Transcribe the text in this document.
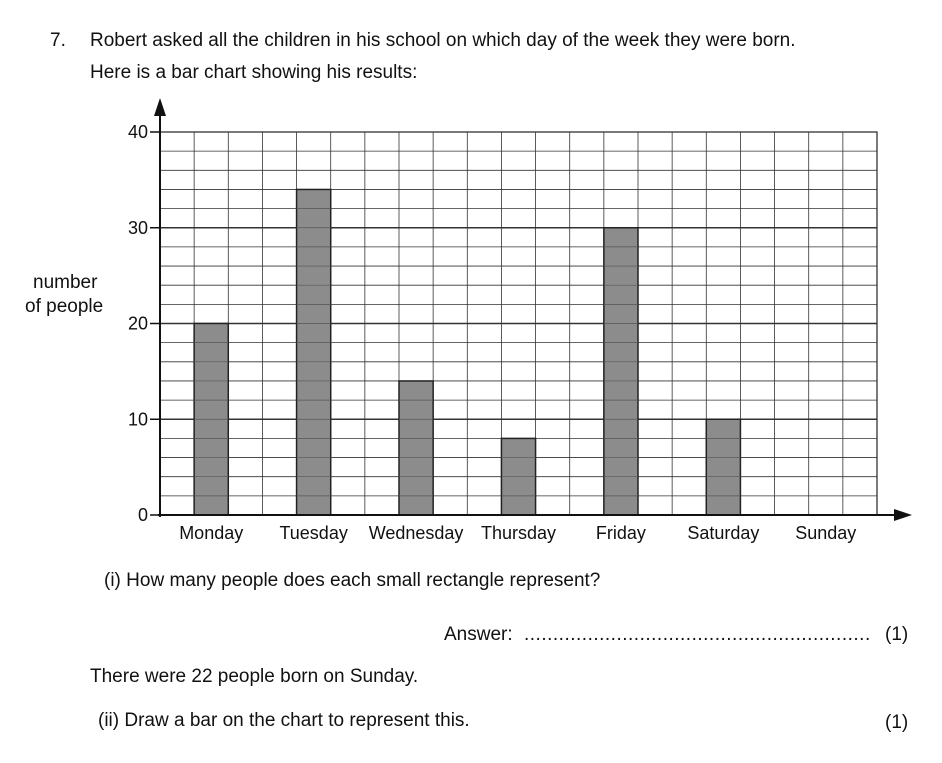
7. Robert asked all the children in his school on which day of the week they were born.
Here is a bar chart showing his results:
number
of people
Monday Tuesday Wednesday Thursday Friday Saturday Sunday
0
10
20
30
40
(i) How many people does each small rectangle represent?
Answer: ............................................................ (1)
There were 22 people born on Sunday.
(ii) Draw a bar on the chart to represent this.	(1)
